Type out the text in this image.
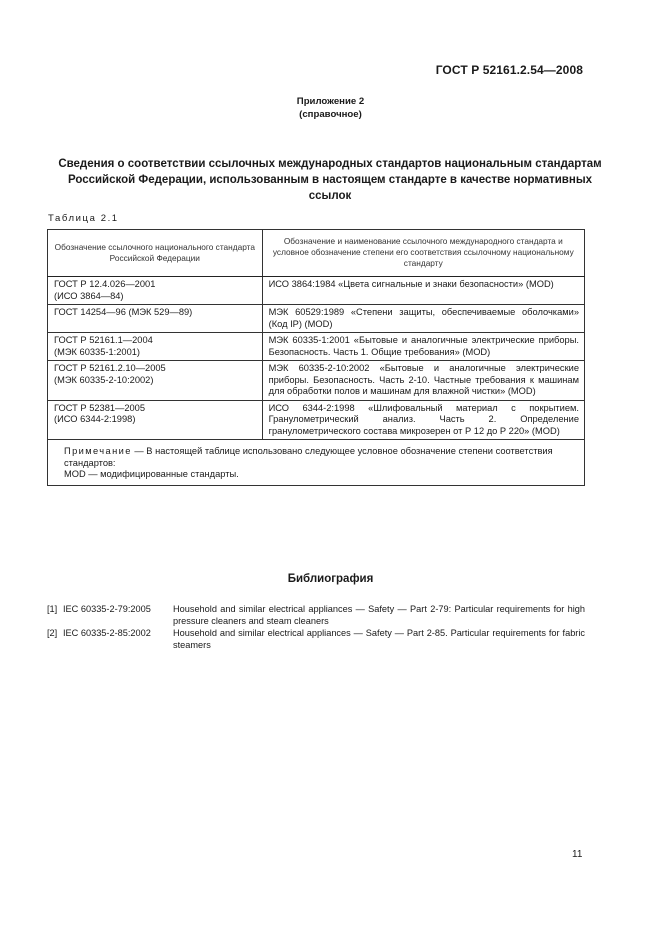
ГОСТ Р 52161.2.54—2008
Приложение 2
(справочное)
Сведения о соответствии ссылочных международных стандартов национальным стандартам Российской Федерации, использованным в настоящем стандарте в качестве нормативных ссылок
Таблица 2.1
Обозначение ссылочного национального стандарта Российской Федерации	Обозначение и наименование ссылочного международного стандарта и условное обозначение степени его соответствия ссылочному национальному стандарту

ГОСТ Р 12.4.026—2001
(ИСО 3864—84)	ИСО 3864:1984 «Цвета сигнальные и знаки безопасности» (MOD)

ГОСТ 14254—96 (МЭК 529—89)	МЭК 60529:1989 «Степени защиты, обеспечиваемые оболочками» (Код IP) (MOD)

ГОСТ Р 52161.1—2004
(МЭК 60335-1:2001)	МЭК 60335-1:2001 «Бытовые и аналогичные электрические приборы. Безопасность. Часть 1. Общие требования» (MOD)

ГОСТ Р 52161.2.10—2005
(МЭК 60335-2-10:2002)	МЭК 60335-2-10:2002 «Бытовые и аналогичные электрические приборы. Безопасность. Часть 2-10. Частные требования к машинам для обработки полов и машинам для влажной чистки» (MOD)

ГОСТ Р 52381—2005
(ИСО 6344-2:1998)	ИСО 6344-2:1998 «Шлифовальный материал с покрытием. Гранулометрический анализ. Часть 2. Определение гранулометрического состава микрозерен от Р 12 до Р 220» (MOD)

Примечание — В настоящей таблице использовано следующее условное обозначение степени соответствия стандартов:
MOD — модифицированные стандарты.	
Библиография
[1] IEC 60335-2-79:2005 Household and similar electrical appliances — Safety — Part 2-79: Particular requirements for high pressure cleaners and steam cleaners
[2] IEC 60335-2-85:2002 Household and similar electrical appliances — Safety — Part 2-85. Particular requirements for fabric steamers
11
